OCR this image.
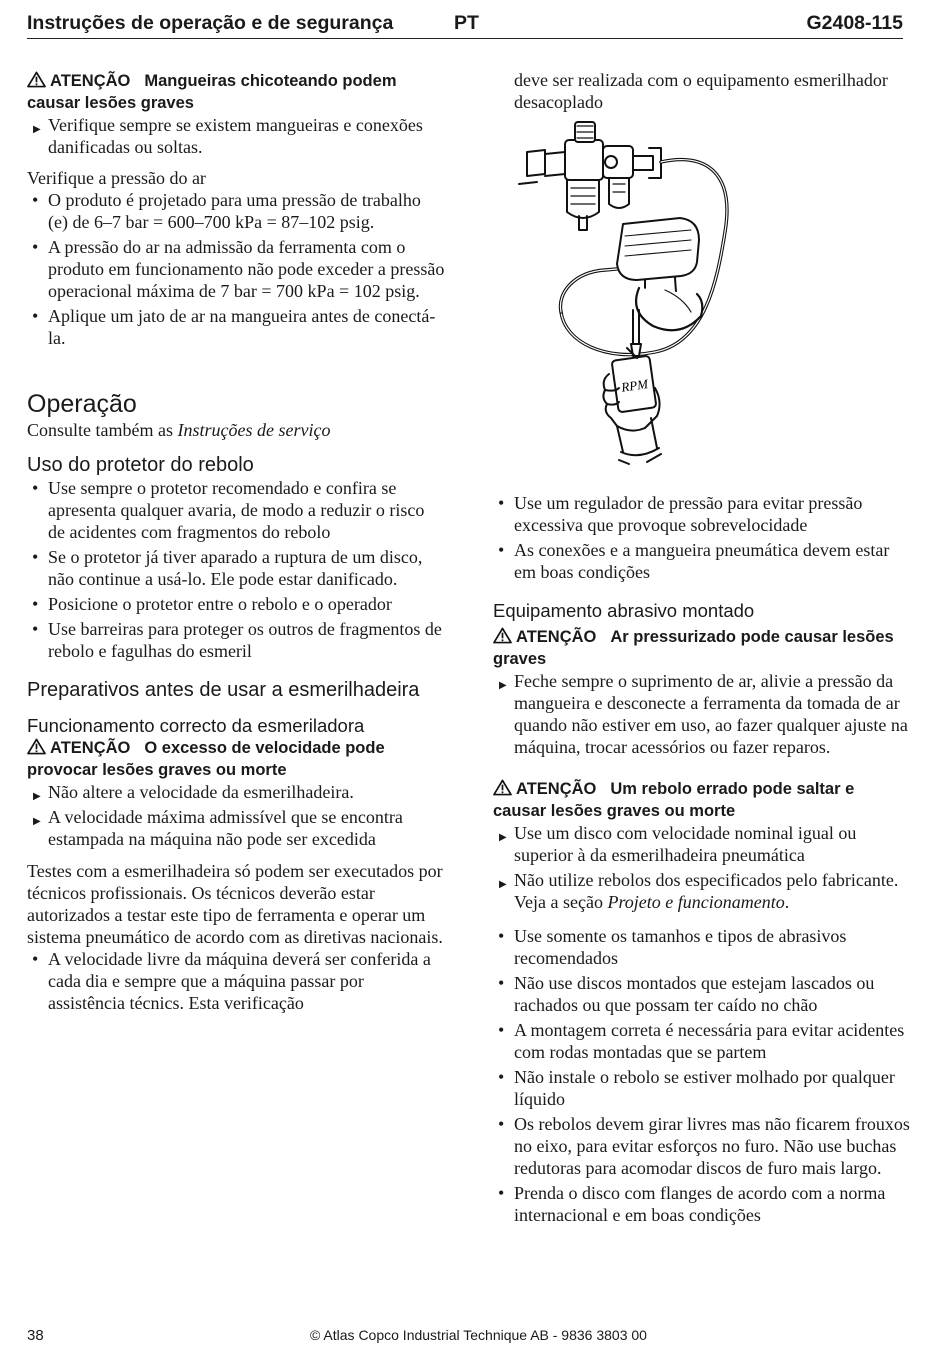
Instruções de operação e de segurança	PT	G2408-115
ATENÇÃO Mangueiras chicoteando podem causar lesões graves
▶ Verifique sempre se existem mangueiras e conexões danificadas ou soltas.
Verifique a pressão do ar
• O produto é projetado para uma pressão de trabalho (e) de 6–7 bar = 600–700 kPa = 87–102 psig.
• A pressão do ar na admissão da ferramenta com o produto em funcionamento não pode exceder a pressão operacional máxima de 7 bar = 700 kPa = 102 psig.
• Aplique um jato de ar na mangueira antes de conectá-la.
Operação
Consulte também as Instruções de serviço
Uso do protetor do rebolo
• Use sempre o protetor recomendado e confira se apresenta qualquer avaria, de modo a reduzir o risco de acidentes com fragmentos do rebolo
• Se o protetor já tiver aparado a ruptura de um disco, não continue a usá-lo. Ele pode estar danificado.
• Posicione o protetor entre o rebolo e o operador
• Use barreiras para proteger os outros de fragmentos de rebolo e fagulhas do esmeril
Preparativos antes de usar a esmerilhadeira
Funcionamento correcto da esmeriladora
ATENÇÃO O excesso de velocidade pode provocar lesões graves ou morte
▶ Não altere a velocidade da esmerilhadeira.
▶ A velocidade máxima admissível que se encontra estampada na máquina não pode ser excedida
Testes com a esmerilhadeira só podem ser executados por técnicos profissionais. Os técnicos deverão estar autorizados a testar este tipo de ferramenta e operar um sistema pneumático de acordo com as diretivas nacionais.
• A velocidade livre da máquina deverá ser conferida a cada dia e sempre que a máquina passar por assistência técnics. Esta verificação
deve ser realizada com o equipamento esmerilhador desacoplado
RPM
• Use um regulador de pressão para evitar pressão excessiva que provoque sobrevelocidade
• As conexões e a mangueira pneumática devem estar em boas condições
Equipamento abrasivo montado
ATENÇÃO Ar pressurizado pode causar lesões graves
▶ Feche sempre o suprimento de ar, alivie a pressão da mangueira e desconecte a ferramenta da tomada de ar quando não estiver em uso, ao fazer qualquer ajuste na máquina, trocar acessórios ou fazer reparos.
ATENÇÃO Um rebolo errado pode saltar e causar lesões graves ou morte
▶ Use um disco com velocidade nominal igual ou superior à da esmerilhadeira pneumática
▶ Não utilize rebolos dos especificados pelo fabricante. Veja a seção Projeto e funcionamento.
• Use somente os tamanhos e tipos de abrasivos recomendados
• Não use discos montados que estejam lascados ou rachados ou que possam ter caído no chão
• A montagem correta é necessária para evitar acidentes com rodas montadas que se partem
• Não instale o rebolo se estiver molhado por qualquer líquido
• Os rebolos devem girar livres mas não ficarem frouxos no eixo, para evitar esforços no furo. Não use buchas redutoras para acomodar discos de furo mais largo.
• Prenda o disco com flanges de acordo com a norma internacional e em boas condições
38	© Atlas Copco Industrial Technique AB - 9836 3803 00
